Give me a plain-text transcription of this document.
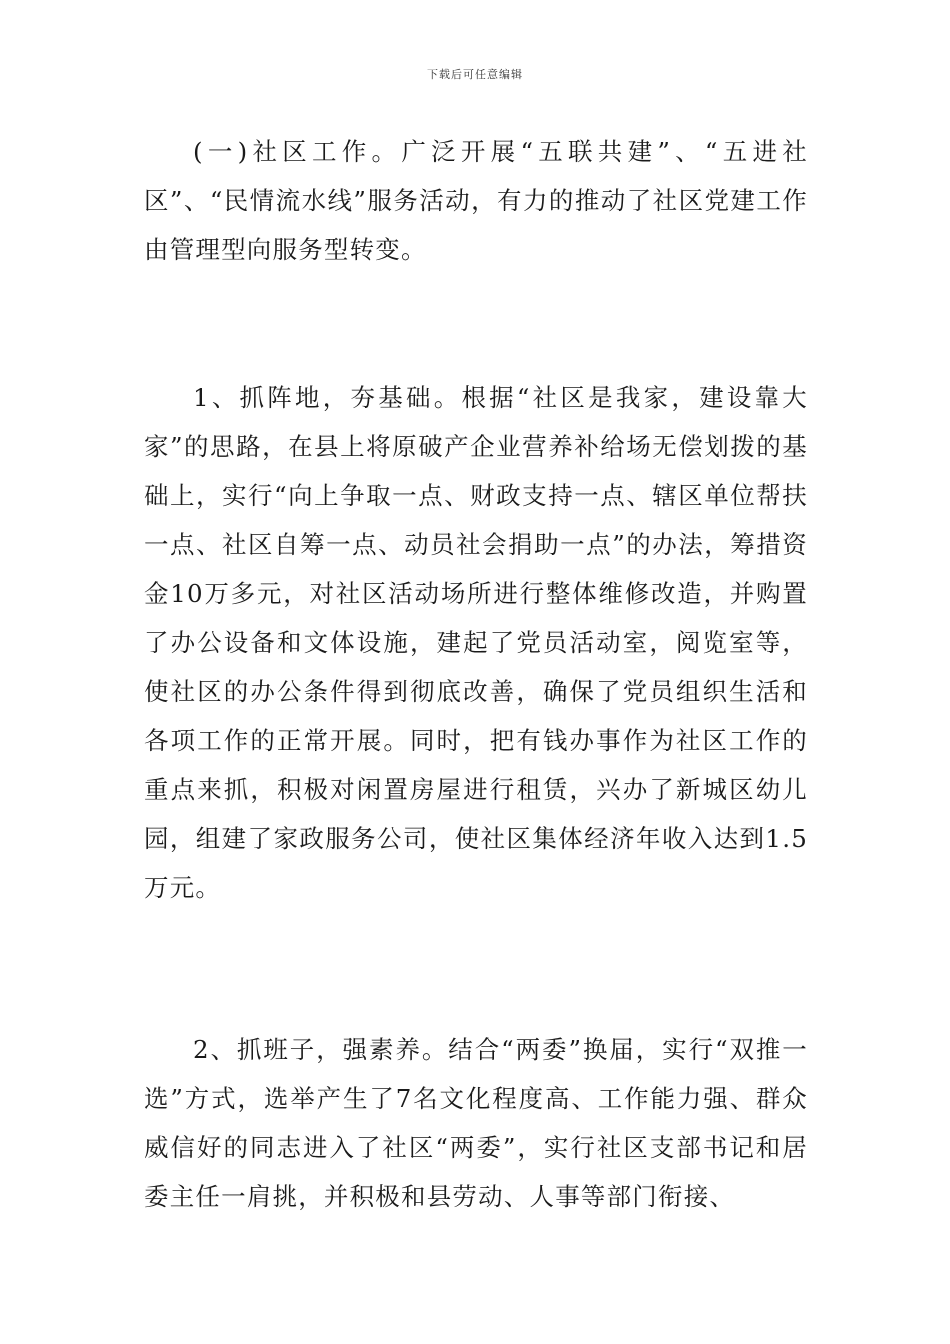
下载后可任意编辑

(一)社区工作。广泛开展“五联共建”、“五进社区”、“民情流水线”服务活动，有力的推动了社区党建工作由管理型向服务型转变。

1、抓阵地，夯基础。根据“社区是我家，建设靠大家”的思路，在县上将原破产企业营养补给场无偿划拨的基础上，实行“向上争取一点、财政支持一点、辖区单位帮扶一点、社区自筹一点、动员社会捐助一点”的办法，筹措资金10万多元，对社区活动场所进行整体维修改造，并购置了办公设备和文体设施，建起了党员活动室，阅览室等，使社区的办公条件得到彻底改善，确保了党员组织生活和各项工作的正常开展。同时，把有钱办事作为社区工作的重点来抓，积极对闲置房屋进行租赁，兴办了新城区幼儿园，组建了家政服务公司，使社区集体经济年收入达到1.5万元。

2、抓班子，强素养。结合“两委”换届，实行“双推一选”方式，选举产生了7名文化程度高、工作能力强、群众威信好的同志进入了社区“两委”，实行社区支部书记和居委主任一肩挑，并积极和县劳动、人事等部门衔接、
